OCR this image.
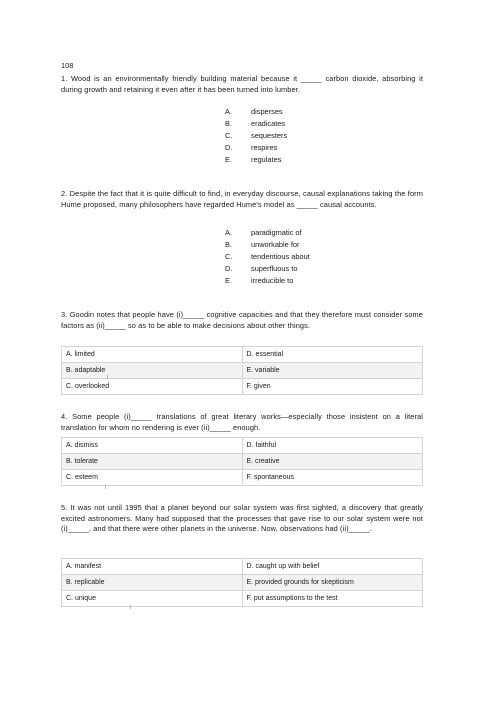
108
1. Wood is an environmentally friendly building material because it _____ carbon dioxide, absorbing it during growth and retaining it even after it has been turned into lumber.
A.	disperses
B.	eradicates
C.	sequesters
D.	respires
E.	regulates
2. Despite the fact that it is quite difficult to find, in everyday discourse, causal explanations taking the form Hume proposed, many philosophers have regarded Hume’s model as _____ causal accounts.
A.	paradigmatic of
B.	unworkable for
C.	tendentious about
D.	superfluous to
E.	irreducible to
3. Goodin notes that people have (i)_____ cognitive capacities and that they therefore must consider some factors as (ii)_____ so as to be able to make decisions about other things.
A. limited	D. essential
B. adaptable	E. variable
C. overlooked	F. given
I
4. Some people (i)_____ translations of great literary works—especially those insistent on a literal translation for whom no rendering is ever (ii)_____ enough.
A. dismiss	D. faithful
B. tolerate	E. creative
C. esteem	F. spontaneous
I
5. It was not until 1995 that a planet beyond our solar system was first sighted, a discovery that greatly excited astronomers. Many had supposed that the processes that gave rise to our solar system were not (i)_____, and that there were other planets in the universe. Now, observations had (ii)_____.
A. manifest	D. caught up with belief
B. replicable	E. provided grounds for skepticism
C. unique	F. put assumptions to the test
I
